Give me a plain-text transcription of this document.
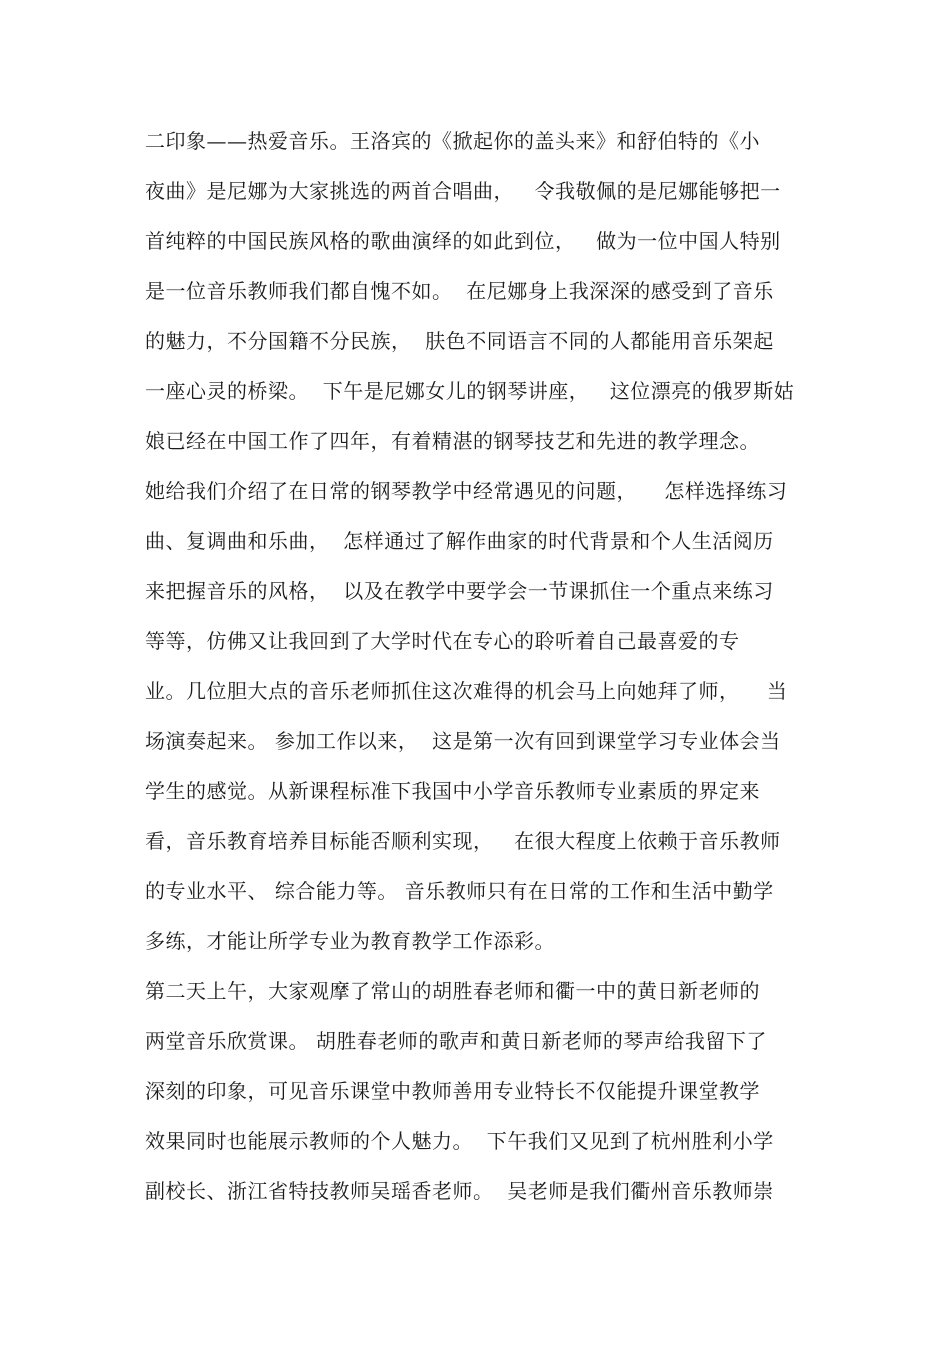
二印象——热爱音乐。王洛宾的《掀起你的盖头来》和舒伯特的《小
夜曲》是尼娜为大家挑选的两首合唱曲，   令我敬佩的是尼娜能够把一
首纯粹的中国民族风格的歌曲演绎的如此到位，   做为一位中国人特别
是一位音乐教师我们都自愧不如。  在尼娜身上我深深的感受到了音乐
的魅力，不分国籍不分民族，  肤色不同语言不同的人都能用音乐架起
一座心灵的桥梁。  下午是尼娜女儿的钢琴讲座，   这位漂亮的俄罗斯姑
娘已经在中国工作了四年，有着精湛的钢琴技艺和先进的教学理念。
她给我们介绍了在日常的钢琴教学中经常遇见的问题，    怎样选择练习
曲、复调曲和乐曲，  怎样通过了解作曲家的时代背景和个人生活阅历
来把握音乐的风格，  以及在教学中要学会一节课抓住一个重点来练习
等等，仿佛又让我回到了大学时代在专心的聆听着自己最喜爱的专
业。几位胆大点的音乐老师抓住这次难得的机会马上向她拜了师，    当
场演奏起来。 参加工作以来，  这是第一次有回到课堂学习专业体会当
学生的感觉。从新课程标准下我国中小学音乐教师专业素质的界定来
看，音乐教育培养目标能否顺利实现，   在很大程度上依赖于音乐教师
的专业水平、 综合能力等。 音乐教师只有在日常的工作和生活中勤学
多练，才能让所学专业为教育教学工作添彩。
第二天上午，大家观摩了常山的胡胜春老师和衢一中的黄日新老师的
两堂音乐欣赏课。 胡胜春老师的歌声和黄日新老师的琴声给我留下了
深刻的印象，可见音乐课堂中教师善用专业特长不仅能提升课堂教学
效果同时也能展示教师的个人魅力。  下午我们又见到了杭州胜利小学
副校长、浙江省特技教师吴瑶香老师。  吴老师是我们衢州音乐教师崇
